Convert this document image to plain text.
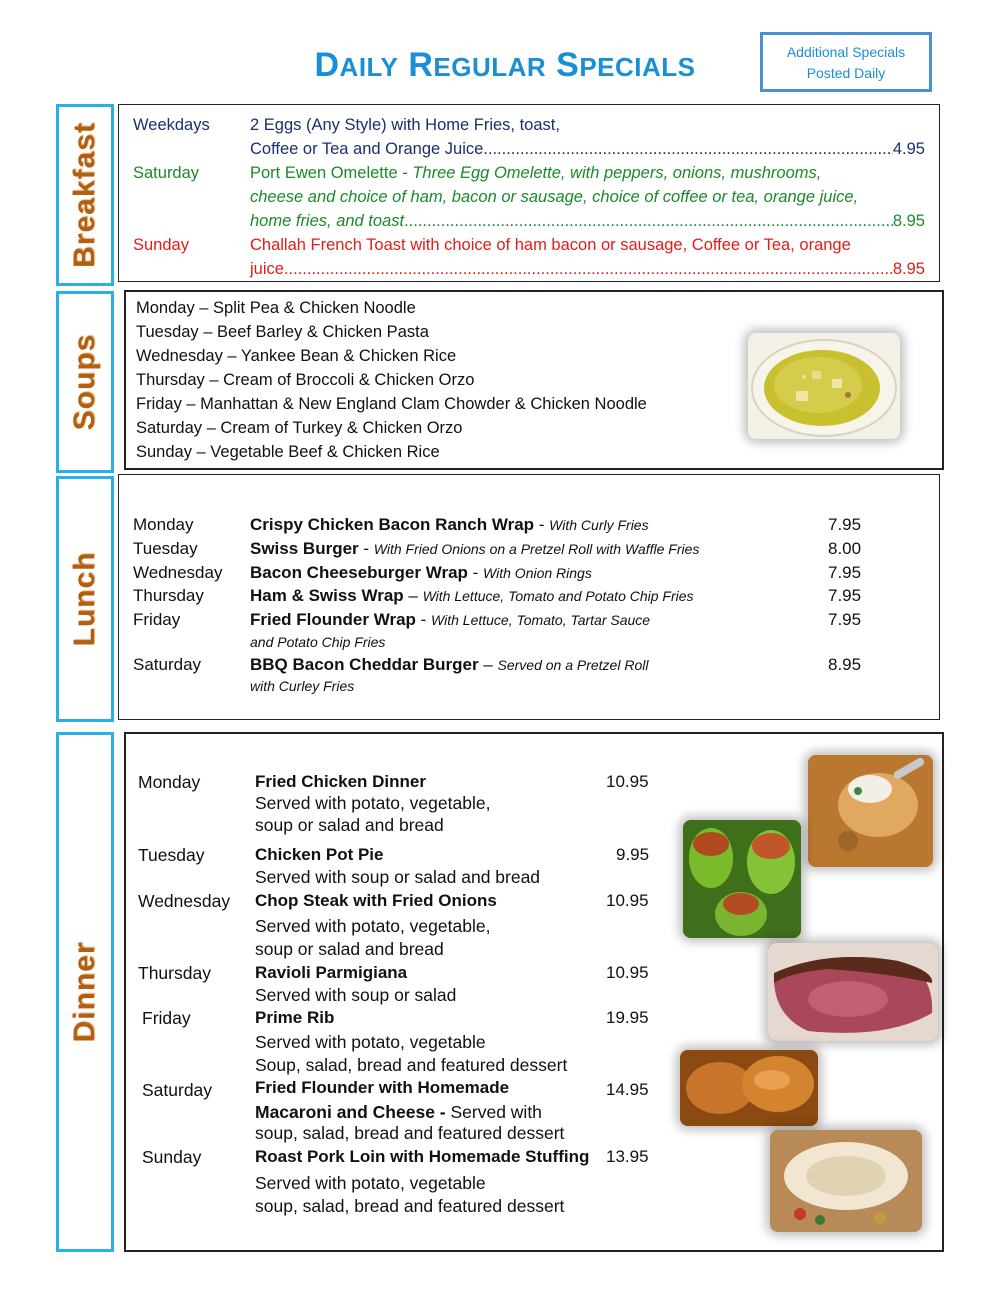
DAILY REGULAR SPECIALS	Additional Specials
Posted Daily
Breakfast
Soups
Lunch
Dinner
Weekdays 2 Eggs (Any Style) with Home Fries, toast,
Coffee or Tea and Orange Juice .....	4.95
Saturday	Port Ewen Omelette - Three Egg Omelette, with peppers, onions, mushrooms,
cheese and choice of ham, bacon or sausage, choice of coffee or tea, orange juice,
home fries, and toast .....	8.95
Sunday	Challah French Toast with choice of ham bacon or sausage, Coffee or Tea, orange
juice .....	8.95
Monday – Split Pea & Chicken Noodle
Tuesday – Beef Barley & Chicken Pasta
Wednesday – Yankee Bean & Chicken Rice
Thursday – Cream of Broccoli & Chicken Orzo
Friday – Manhattan & New England Clam Chowder & Chicken Noodle
Saturday – Cream of Turkey & Chicken Orzo
Sunday – Vegetable Beef & Chicken Rice
Monday	Crispy Chicken Bacon Ranch Wrap - With Curly Fries	7.95
Tuesday	Swiss Burger - With Fried Onions on a Pretzel Roll with Waffle Fries	8.00
Wednesday Bacon Cheeseburger Wrap - With Onion Rings	7.95
Thursday	Ham & Swiss Wrap – With Lettuce, Tomato and Potato Chip Fries	7.95
Friday	Fried Flounder Wrap - With Lettuce, Tomato, Tartar Sauce	7.95
and Potato Chip Fries
Saturday	BBQ Bacon Cheddar Burger – Served on a Pretzel Roll	8.95
with Curley Fries
Monday	Fried Chicken Dinner	10.95
Served with potato, vegetable,
soup or salad and bread
Tuesday	Chicken Pot Pie	9.95
Served with soup or salad and bread
Wednesday Chop Steak with Fried Onions	10.95
Served with potato, vegetable,
soup or salad and bread
Thursday	Ravioli Parmigiana	10.95
Served with soup or salad
Friday	Prime Rib	19.95
Served with potato, vegetable
Soup, salad, bread and featured dessert
Saturday	Fried Flounder with Homemade	14.95
Macaroni and Cheese - Served with
soup, salad, bread and featured dessert
Sunday	Roast Pork Loin with Homemade Stuffing 13.95
Served with potato, vegetable
soup, salad, bread and featured dessert
